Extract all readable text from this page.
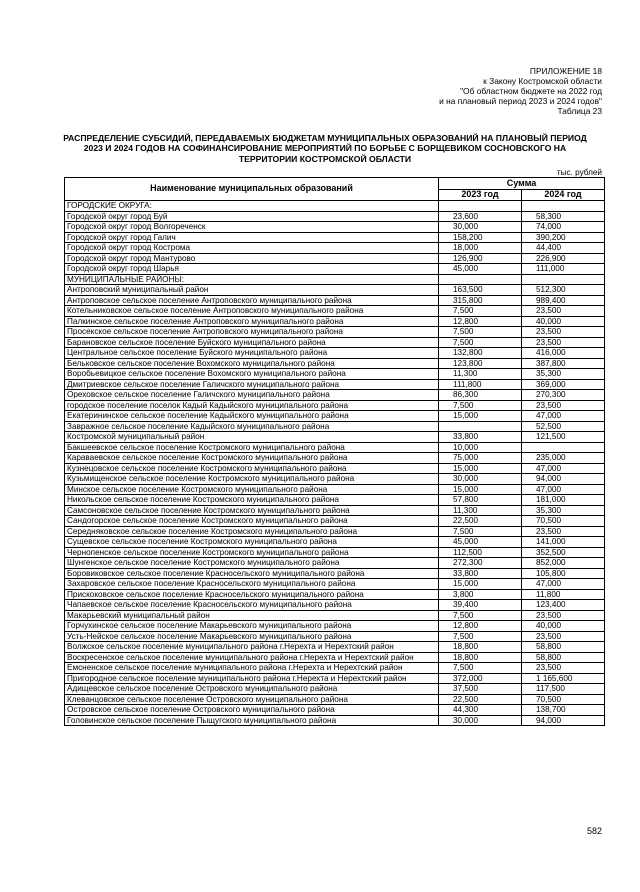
ПРИЛОЖЕНИЕ 18
к Закону Костромской области
"Об областном бюджете на 2022 год
и на плановый период 2023 и 2024 годов"
Таблица 23
РАСПРЕДЕЛЕНИЕ СУБСИДИЙ, ПЕРЕДАВАЕМЫХ БЮДЖЕТАМ МУНИЦИПАЛЬНЫХ ОБРАЗОВАНИЙ НА ПЛАНОВЫЙ ПЕРИОД 2023 И 2024 ГОДОВ НА СОФИНАНСИРОВАНИЕ МЕРОПРИЯТИЙ ПО БОРЬБЕ С БОРЩЕВИКОМ СОСНОВСКОГО НА ТЕРРИТОРИИ КОСТРОМСКОЙ ОБЛАСТИ
тыс. рублей
Наименование муниципальных образований	Сумма	
	2023 год	2024 год
ГОРОДСКИЕ ОКРУГА:		
Городской округ город Буй	23,600	58,300
Городской округ город Волгореченск	30,000	74,000
Городской округ город Галич	158,200	390,200
Городской округ город Кострома	18,000	44,400
Городской округ город Мантурово	126,900	226,900
Городской округ город Шарья	45,000	111,000
МУНИЦИПАЛЬНЫЕ РАЙОНЫ:		
Антроповский муниципальный район	163,500	512,300
Антроповское сельское поселение Антроповского муниципального района	315,800	989,400
Котельниковское сельское поселение Антроповского муниципального района	7,500	23,500
Палкинское сельское поселение Антроповского муниципального района	12,800	40,000
Просекское сельское поселение Антроповского муниципального района	7,500	23,500
Барановское сельское поселение Буйского муниципального района	7,500	23,500
Центральное сельское поселение Буйского муниципального района	132,800	416,000
Бельковское сельское поселение Вохомского муниципального района	123,800	387,800
Воробьевицкое сельское поселение Вохомского муниципального района	11,300	35,300
Дмитриевское сельское поселение Галичского муниципального района	111,800	369,000
Ореховское сельское поселение Галичского муниципального района	86,300	270,300
городское поселение поселок Кадый Кадыйского муниципального района	7,500	23,500
Екатерининское сельское поселение Кадыйского муниципального района	15,000	47,000
Завражное сельское поселение Кадыйского муниципального района		52,500
Костромской муниципальный район	33,800	121,500
Бакшеевское сельское поселение Костромского муниципального района	10,000	
Караваевское сельское поселение Костромского муниципального района	75,000	235,000
Кузнецовское сельское поселение Костромского муниципального района	15,000	47,000
Кузьмищенское сельское поселение Костромского муниципального района	30,000	94,000
Минское сельское поселение Костромского муниципального района	15,000	47,000
Никольское сельское поселение Костромского муниципального района	57,800	181,000
Самсоновское сельское поселение Костромского муниципального района	11,300	35,300
Сандогорское сельское поселение Костромского муниципального района	22,500	70,500
Середняковское сельское поселение Костромского муниципального района	7,500	23,500
Сущевское сельское поселение Костромского муниципального района	45,000	141,000
Чернопенское сельское поселение Костромского муниципального района	112,500	352,500
Шунгенское сельское поселение Костромского муниципального района	272,300	852,000
Боровиковское сельское поселение Красносельского муниципального района	33,800	105,800
Захаровское сельское поселение Красносельского муниципального района	15,000	47,000
Прискоковское сельское поселение Красносельского муниципального района	3,800	11,800
Чапаевское сельское поселение Красносельского муниципального района	39,400	123,400
Макарьевский муниципальный район	7,500	23,500
Горчухинское сельское поселение Макарьевского муниципального района	12,800	40,000
Усть-Нейское сельское поселение Макарьевского муниципального района	7,500	23,500
Волжское сельское поселение муниципального района г.Нерехта и Нерехтский район	18,800	58,800
Воскресенское сельское поселение муниципального района г.Нерехта и Нерехтский район	18,800	58,800
Емсненское сельское поселение муниципального района г.Нерехта и Нерехтский район	7,500	23,500
Пригородное сельское поселение муниципального района г.Нерехта и Нерехтский район	372,000	1 165,600
Адищевское сельское поселение Островского муниципального района	37,500	117,500
Клеванцовское сельское поселение Островского муниципального района	22,500	70,500
Островское сельское поселение Островского муниципального района	44,300	138,700
Головинское сельское поселение Пыщугского муниципального района	30,000	94,000
582
